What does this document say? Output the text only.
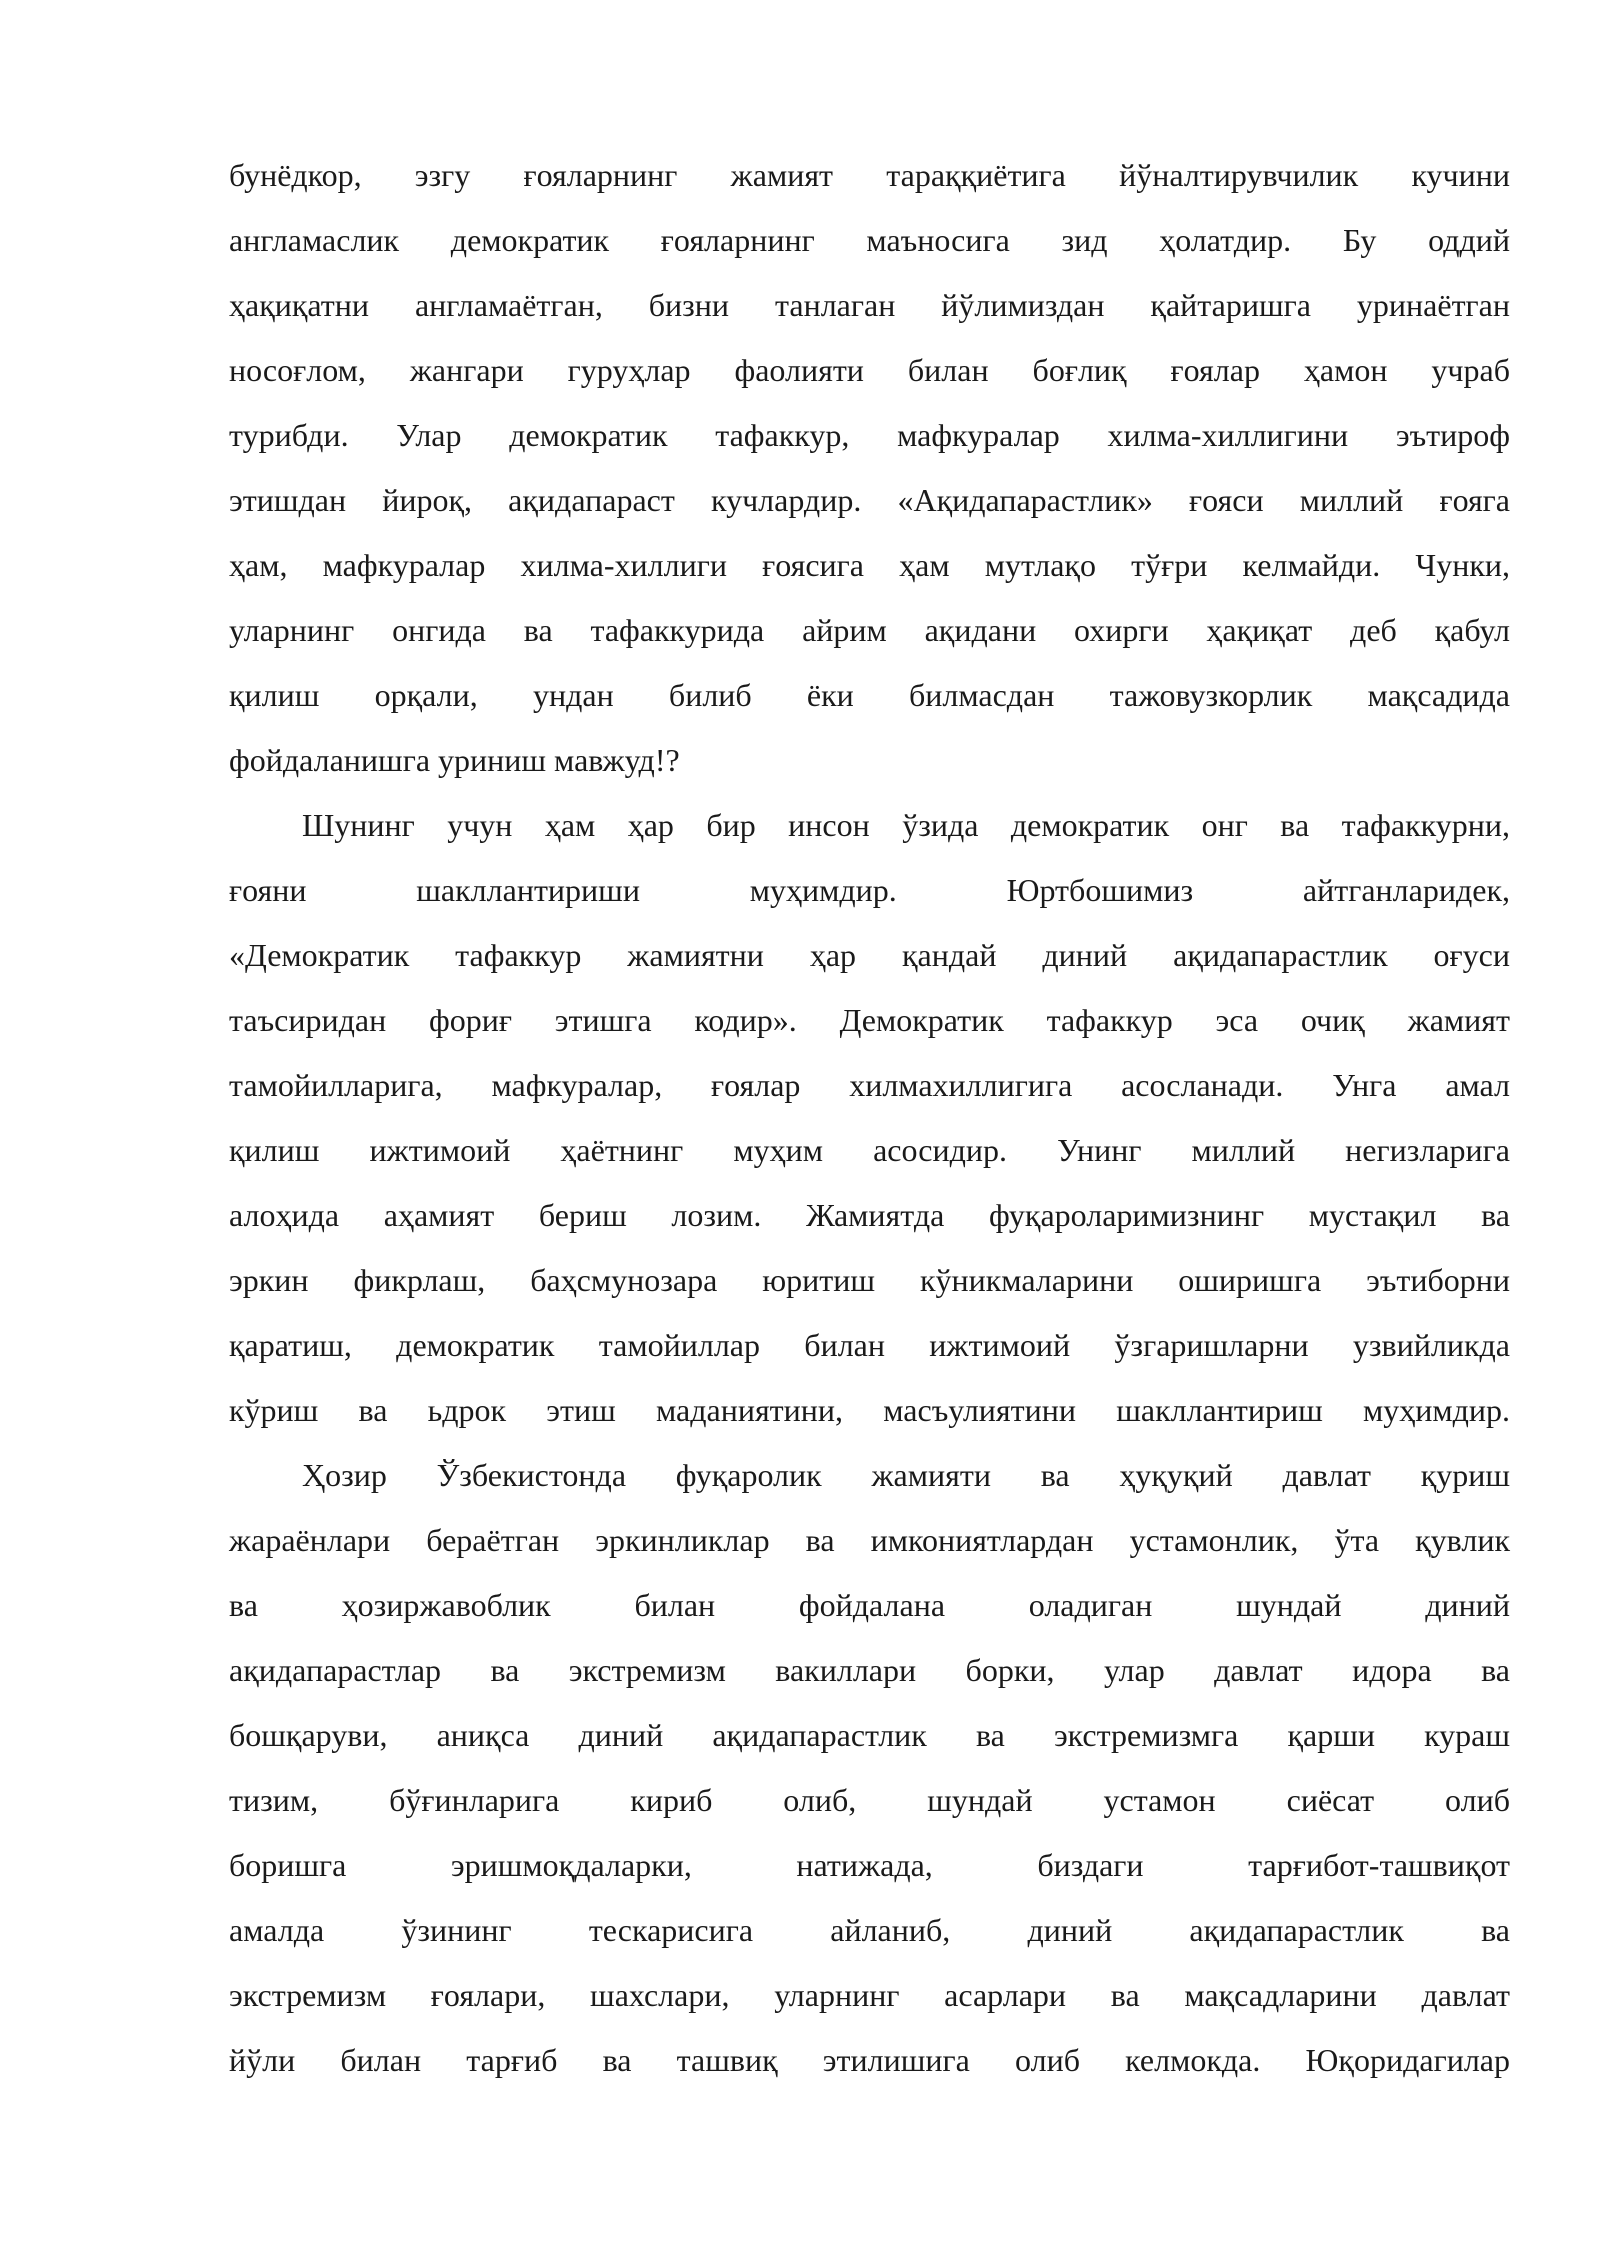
бунёдкор, эзгу ғояларнинг жамият тараққиётига йўналтирувчилик кучини
англамаслик демократик ғояларнинг маъносига зид ҳолатдир. Бу оддий
ҳақиқатни англамаётган, бизни танлаган йўлимиздан қайтаришга уринаётган
носоғлом, жангари гуруҳлар фаолияти билан боғлиқ ғоялар ҳамон учраб
турибди. Улар демократик тафаккур, мафкуралар хилма-хиллигини эътироф
этишдан йироқ, ақидапараст кучлардир. «Ақидапарастлик» ғояси миллий ғояга
ҳам, мафкуралар хилма-хиллиги ғоясига ҳам мутлақо тўғри келмайди. Чунки,
уларнинг онгида ва тафаккурида айрим ақидани охирги ҳақиқат деб қабул
қилиш орқали, ундан билиб ёки билмасдан тажовузкорлик мақсадида
фойдаланишга уриниш мавжуд!?
Шунинг учун ҳам ҳар бир инсон ўзида демократик онг ва тафаккурни,
ғояни шакллантириши муҳимдир. Юртбошимиз айтганларидек,
«Демократик тафаккур жамиятни ҳар қандай диний ақидапарастлик оғуси
таъсиридан фориғ этишга кодир». Демократик тафаккур эса очиқ жамият
тамойилларига, мафкуралар, ғоялар хилмахиллигига асосланади. Унга амал
қилиш ижтимоий ҳаётнинг муҳим асосидир. Унинг миллий негизларига
алоҳида аҳамият бериш лозим. Жамиятда фуқароларимизнинг мустақил ва
эркин фикрлаш, баҳсмунозара юритиш кўникмаларини оширишга эътиборни
қаратиш, демократик тамойиллар билан ижтимоий ўзгаришларни узвийликда
кўриш ва ьдрок этиш маданиятини, масъулиятини шакллантириш муҳимдир.
Ҳозир Ўзбекистонда фуқаролик жамияти ва ҳуқуқий давлат қуриш
жараёнлари бераётган эркинликлар ва имкониятлардан устамонлик, ўта қувлик
ва ҳозиржавоблик билан фойдалана оладиган шундай диний
ақидапарастлар ва экстремизм вакиллари борки, улар давлат идора ва
бошқаруви, аниқса диний ақидапарастлик ва экстремизмга қарши кураш
тизим, бўғинларига кириб олиб, шундай устамон сиёсат олиб
боришга эришмоқдаларки, натижада, биздаги тарғибот-ташвиқот
амалда ўзининг тескарисига айланиб, диний ақидапарастлик ва
экстремизм ғоялари, шахслари, уларнинг асарлари ва мақсадларини давлат
йўли билан тарғиб ва ташвиқ этилишига олиб келмокда. Юқоридагилар
